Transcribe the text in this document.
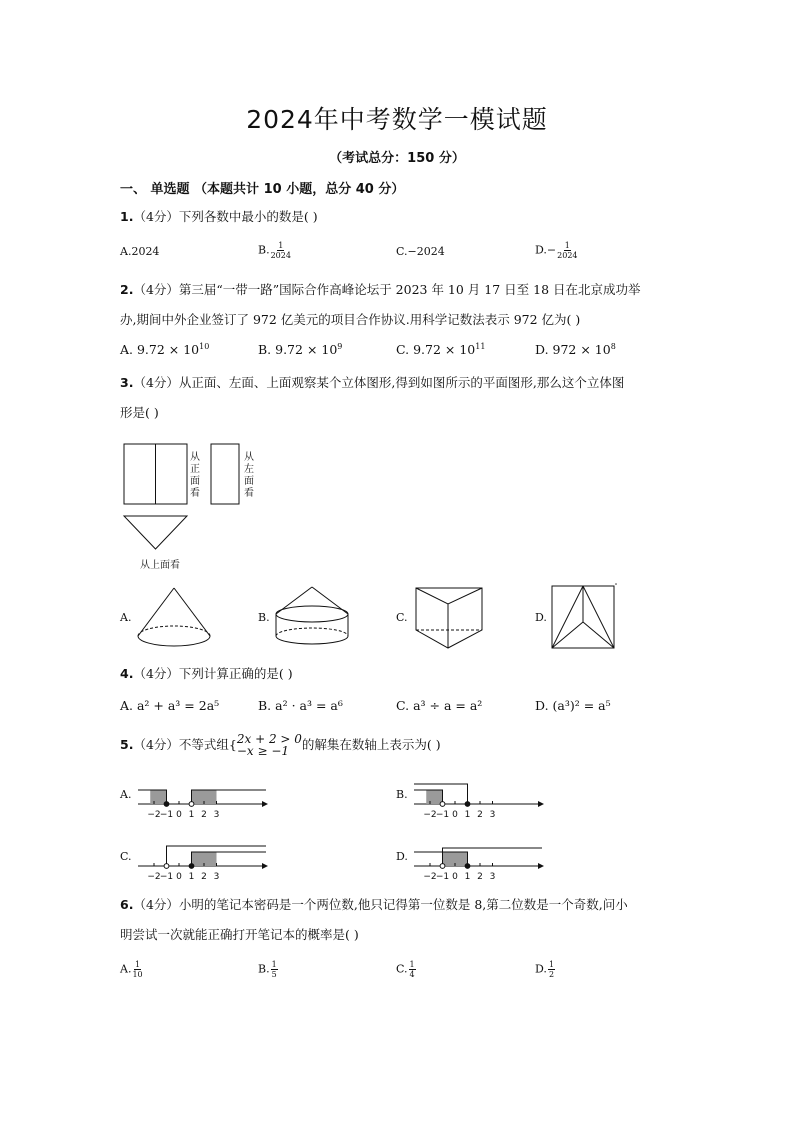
2024年中考数学一模试题
（考试总分：150 分）
一、 单选题 （本题共计 10 小题，总分 40 分）
1.（4分）下列各数中最小的数是( )
A.2024	B. $\frac{1}{2024}$	C.−2024	$D.- \frac{1}{2024}$
2.（4分）第三届“一带一路”国际合作高峰论坛于 2023 年 10 月 17 日至 18 日在北京成功举
办,期间中外企业签订了 972 亿美元的项目合作协议.用科学记数法表示 972 亿为( )
A. $9.72 \times 10^{10}$	B. $9.72 \times 10^9$	C. $9.72 \times 10^{11}$	D. $972 \times 10^8$
3.（4分）从正面、左面、上面观察某个立体图形,得到如图所示的平面图形,那么这个立体图
形是( )
从正面看
从左面看
从上面看
A.	B.	C.	D.
4.（4分）下列计算正确的是( )
A. a² + a³ = 2a⁵	B. a² · a³ = a⁶	C. a³ ÷ a = a²	D. (a³)² = a⁵
5. （4分） 不等式组{ 2x + 2 > 0
−x ≥ −1	的解集在数轴上表示为( )
A.
−2 −1 0 1 2 3
B.
−2 −1 0 1 2 3
C.
−2 −1 0 1 2 3
D.
−2 −1 0 1 2 3
6.（4分）小明的笔记本密码是一个两位数,他只记得第一位数是 8,第二位数是一个奇数,问小
明尝试一次就能正确打开笔记本的概率是( )
A. $\frac{1}{10}$	B. $\frac{1}{5}$	C. $\frac{1}{4}$	D. $\frac{1}{2}$
